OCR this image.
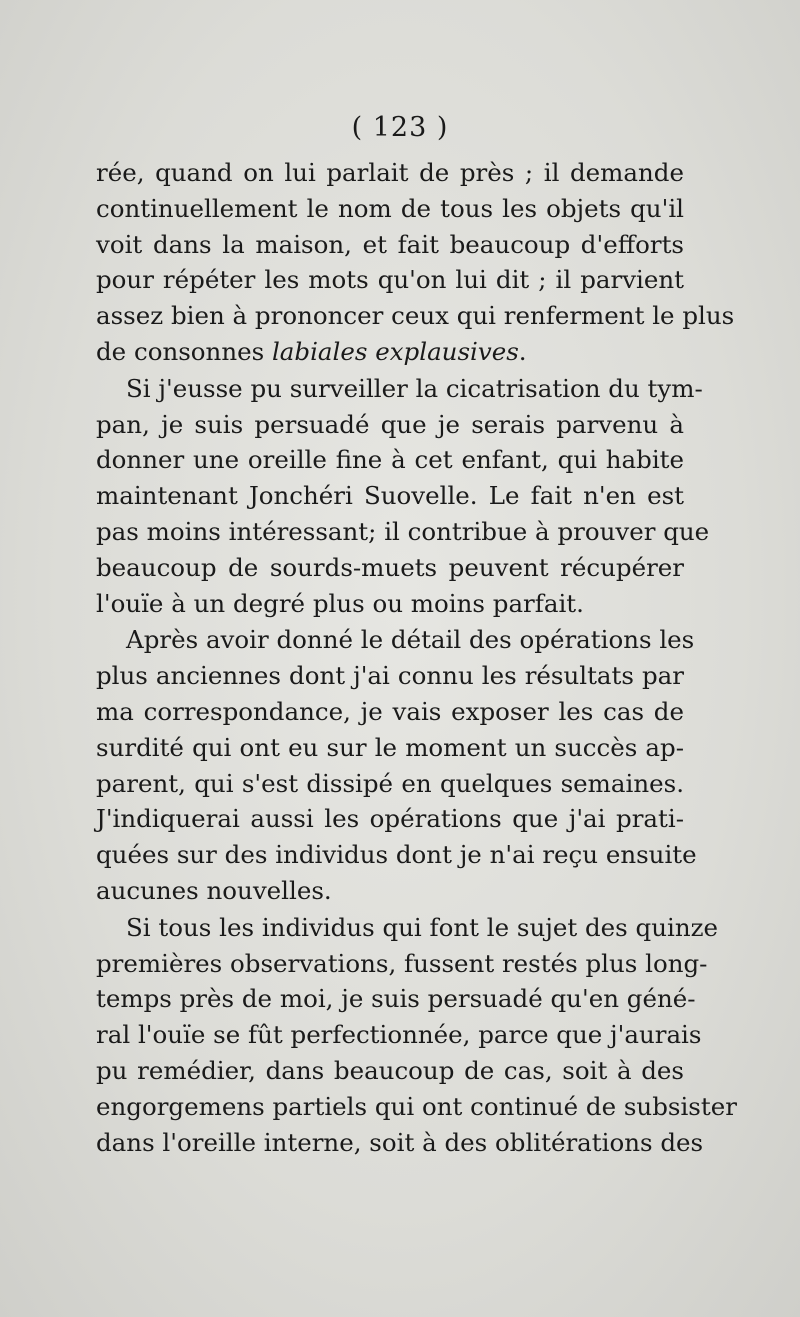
( 123 )
rée, quand on lui parlait de près ; il demande
continuellement le nom de tous les objets qu'il
voit dans la maison, et fait beaucoup d'efforts
pour répéter les mots qu'on lui dit ; il parvient
assez bien à prononcer ceux qui renferment le plus
de consonnes labiales explausives.
Si j'eusse pu surveiller la cicatrisation du tym-
pan, je suis persuadé que je serais parvenu à
donner une oreille fine à cet enfant, qui habite
maintenant Jonchéri Suovelle. Le fait n'en est
pas moins intéressant; il contribue à prouver que
beaucoup de sourds-muets peuvent récupérer
l'ouïe à un degré plus ou moins parfait.
Après avoir donné le détail des opérations les
plus anciennes dont j'ai connu les résultats par
ma correspondance, je vais exposer les cas de
surdité qui ont eu sur le moment un succès ap-
parent, qui s'est dissipé en quelques semaines.
J'indiquerai aussi les opérations que j'ai prati-
quées sur des individus dont je n'ai reçu ensuite
aucunes nouvelles.
Si tous les individus qui font le sujet des quinze
premières observations, fussent restés plus long-
temps près de moi, je suis persuadé qu'en géné-
ral l'ouïe se fût perfectionnée, parce que j'aurais
pu remédier, dans beaucoup de cas, soit à des
engorgemens partiels qui ont continué de subsister
dans l'oreille interne, soit à des oblitérations des
